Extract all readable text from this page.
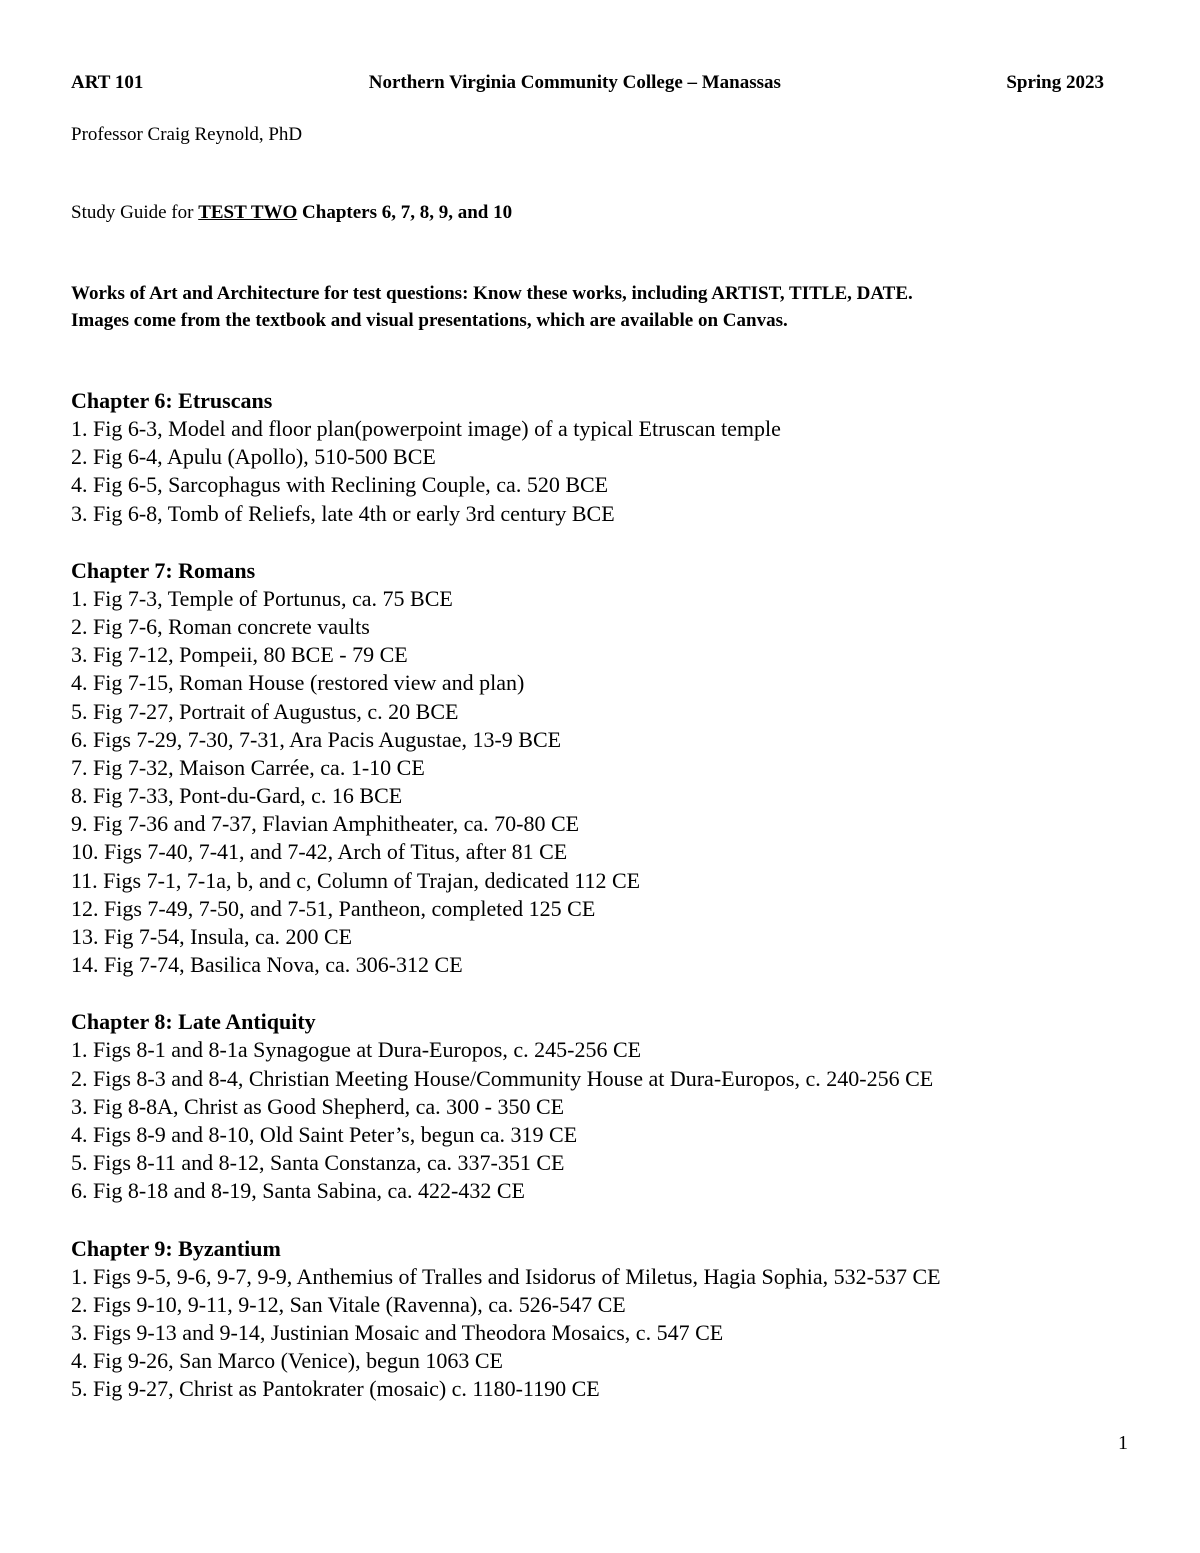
ART 101	Northern Virginia Community College – Manassas	Spring 2023
Professor Craig Reynold, PhD
Study Guide for TEST TWO Chapters 6, 7, 8, 9, and 10
Works of Art and Architecture for test questions: Know these works, including ARTIST, TITLE, DATE.
Images come from the textbook and visual presentations, which are available on Canvas.
Chapter 6: Etruscans
1. Fig 6-3, Model and floor plan(powerpoint image) of a typical Etruscan temple
2. Fig 6-4, Apulu (Apollo), 510-500 BCE
4. Fig 6-5, Sarcophagus with Reclining Couple, ca. 520 BCE
3. Fig 6-8, Tomb of Reliefs, late 4th or early 3rd century BCE
Chapter 7: Romans
1. Fig 7-3, Temple of Portunus, ca. 75 BCE
2. Fig 7-6, Roman concrete vaults
3. Fig 7-12, Pompeii, 80 BCE - 79 CE
4. Fig 7-15, Roman House (restored view and plan)
5. Fig 7-27, Portrait of Augustus, c. 20 BCE
6. Figs 7-29, 7-30, 7-31, Ara Pacis Augustae, 13-9 BCE
7. Fig 7-32, Maison Carrée, ca. 1-10 CE
8. Fig 7-33, Pont-du-Gard, c. 16 BCE
9. Fig 7-36 and 7-37, Flavian Amphitheater, ca. 70-80 CE
10. Figs 7-40, 7-41, and 7-42, Arch of Titus, after 81 CE
11. Figs 7-1, 7-1a, b, and c, Column of Trajan, dedicated 112 CE
12. Figs 7-49, 7-50, and 7-51, Pantheon, completed 125 CE
13. Fig 7-54, Insula, ca. 200 CE
14. Fig 7-74, Basilica Nova, ca. 306-312 CE
Chapter 8: Late Antiquity
1. Figs 8-1 and 8-1a Synagogue at Dura-Europos, c. 245-256 CE
2. Figs 8-3 and 8-4, Christian Meeting House/Community House at Dura-Europos, c. 240-256 CE
3. Fig 8-8A, Christ as Good Shepherd, ca. 300 - 350 CE
4. Figs 8-9 and 8-10, Old Saint Peter’s, begun ca. 319 CE
5. Figs 8-11 and 8-12, Santa Constanza, ca. 337-351 CE
6. Fig 8-18 and 8-19, Santa Sabina, ca. 422-432 CE
Chapter 9: Byzantium
1. Figs 9-5, 9-6, 9-7, 9-9, Anthemius of Tralles and Isidorus of Miletus, Hagia Sophia, 532-537 CE
2. Figs 9-10, 9-11, 9-12, San Vitale (Ravenna), ca. 526-547 CE
3. Figs 9-13 and 9-14, Justinian Mosaic and Theodora Mosaics, c. 547 CE
4. Fig 9-26, San Marco (Venice), begun 1063 CE
5. Fig 9-27, Christ as Pantokrater (mosaic) c. 1180-1190 CE
1
